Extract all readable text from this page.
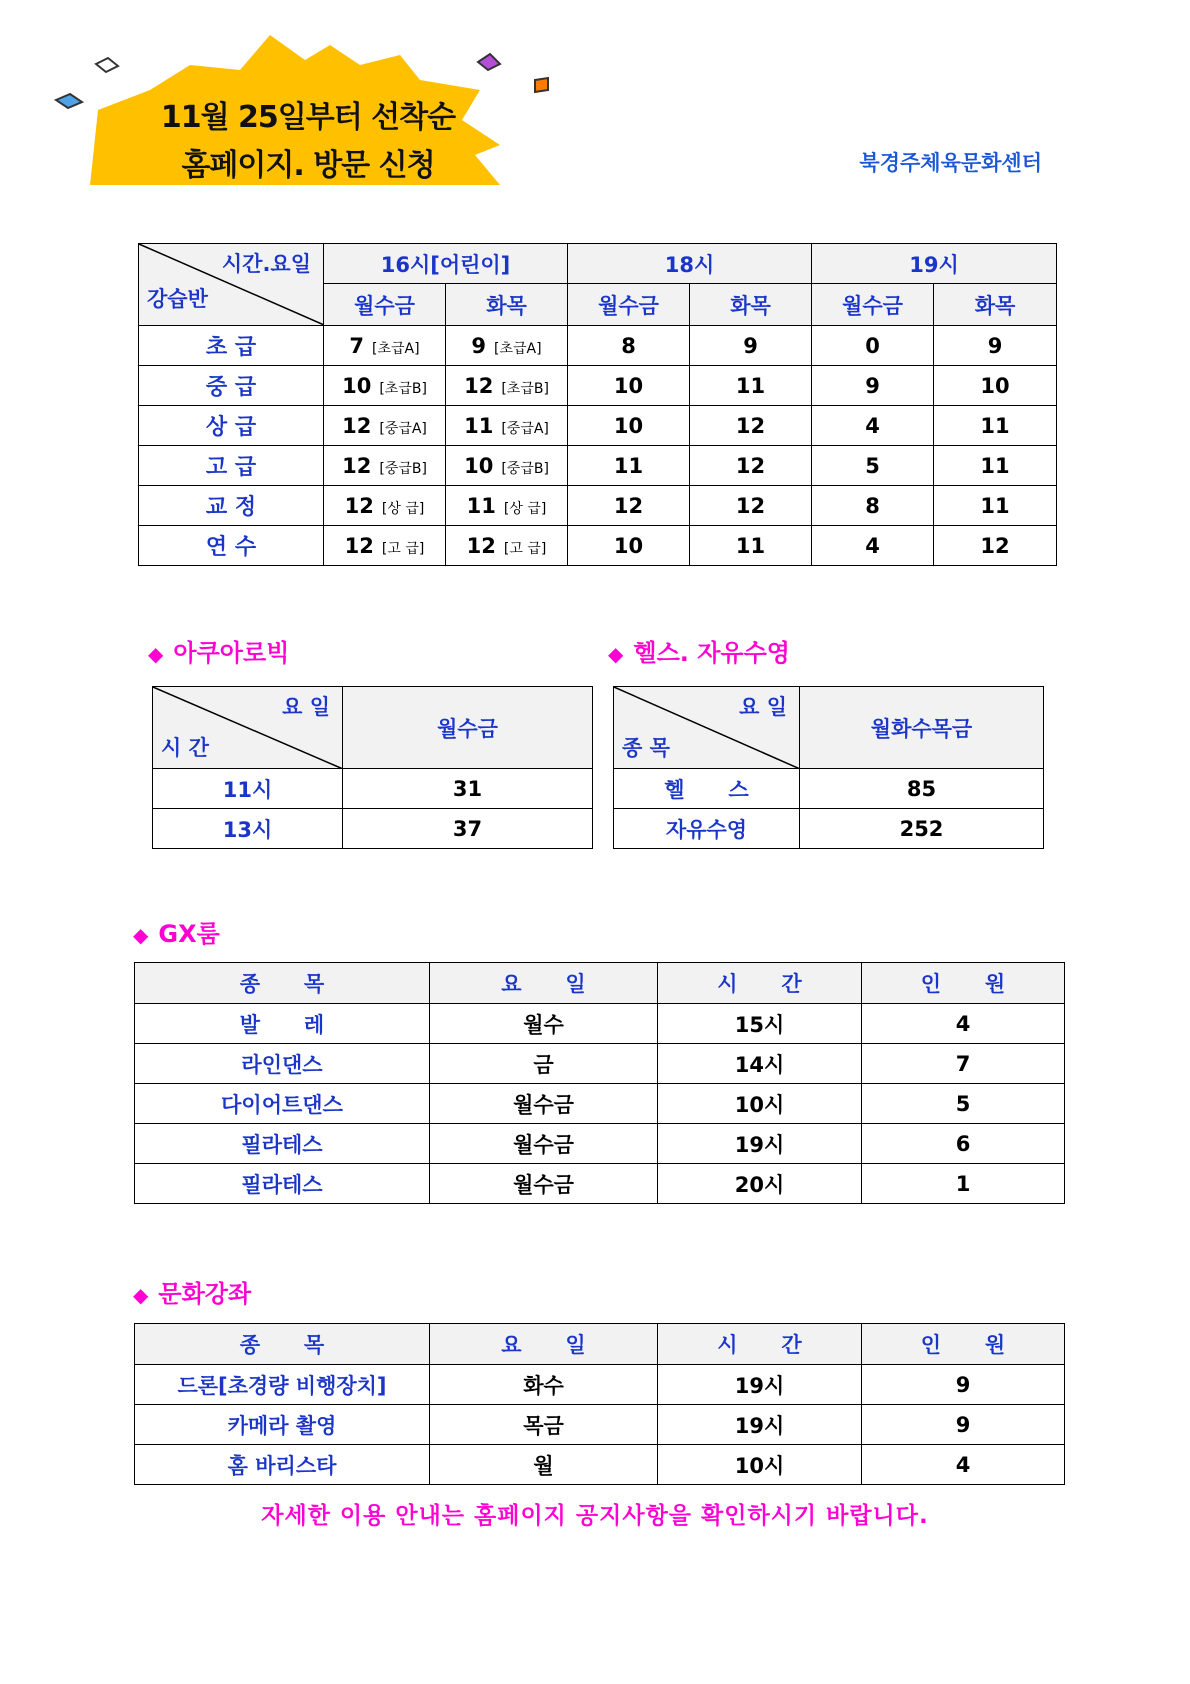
11월 25일부터 선착순
홈페이지. 방문 신청	북경주체육문화센터
시간.요일
강습반	16시[어린이]		18시		19시	
	월수금	화목	월수금	화목	월수금	화목
초 급	7 [초급A]	9 [초급A]	8	9	0	9
중 급	10 [초급B]	12 [초급B]	10	11	9	10
상 급	12 [중급A]	11 [중급A]	10	12	4	11
고 급	12 [중급B]	10 [중급B]	11	12	5	11
교 정	12 [상 급]	11 [상 급]	12	12	8	11
연 수	12 [고 급]	12 [고 급]	10	11	4	12
◆ 아쿠아로빅
요 일
시 간	월수금
11시	31
13시	37
◆ 헬스. 자유수영
요 일
종 목	월화수목금
헬      스	85
자유수영	252
◆ GX룸
종      목	요      일	시      간	인      원
발      레	월수	15시	4
라인댄스	금	14시	7
다이어트댄스	월수금	10시	5
필라테스	월수금	19시	6
필라테스	월수금	20시	1
◆ 문화강좌
종      목	요      일	시      간	인      원
드론[초경량 비행장치]	화수	19시	9
카메라 촬영	목금	19시	9
홈 바리스타	월	10시	4
자세한 이용 안내는 홈페이지 공지사항을 확인하시기 바랍니다.
